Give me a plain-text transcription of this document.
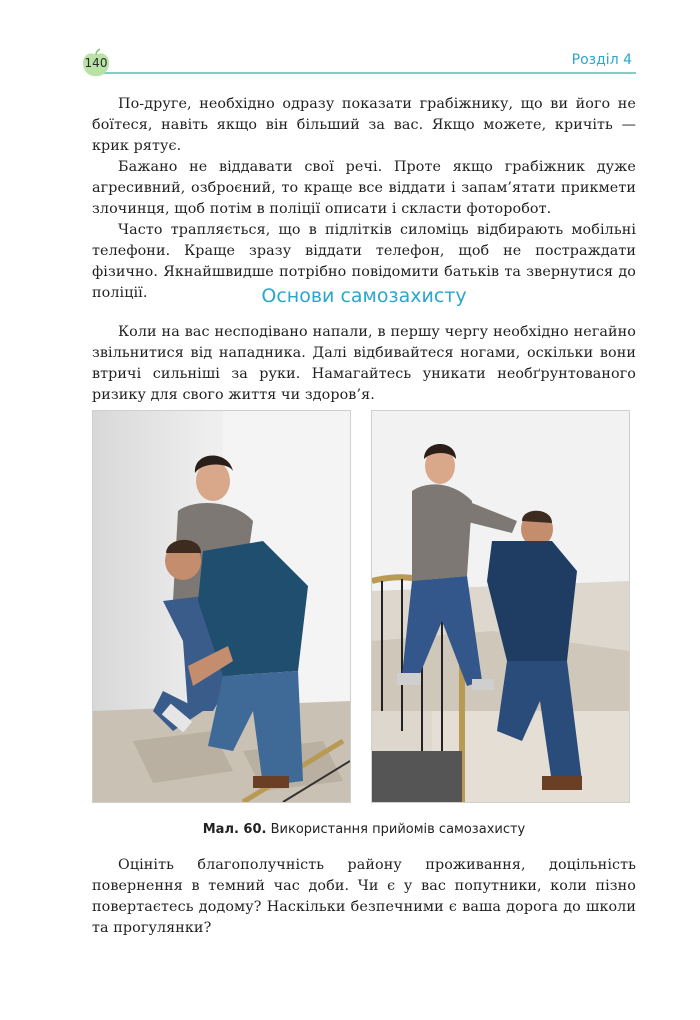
140	Розділ 4

По-друге, необхідно одразу показати грабіжнику, що ви його не боїтеся, навіть якщо він більший за вас. Якщо можете, кричіть — крик рятує.

Бажано не віддавати свої речі. Проте якщо грабіжник дуже агресивний, озброєний, то краще все віддати і запам’ятати прикмети злочинця, щоб потім в поліції описати і скласти фоторобот.

Часто трапляється, що в підлітків силоміць відбирають мобільні телефони. Краще зразу віддати телефон, щоб не постраждати фізично. Якнайшвидше потрібно повідомити батьків та звернутися до поліції.	Основи самозахисту

Коли на вас несподівано напали, в першу чергу необхідно негайно звільнитися від нападника. Далі відбивайтеся ногами, оскільки вони втричі сильніші за руки. Намагайтесь уникати необґрунтованого ризику для свого життя чи здоров’я.

Мал. 60. Використання прийомів самозахисту

Оцініть благополучність району проживання, доцільність повернення в темний час доби. Чи є у вас попутники, коли пізно повертаєтесь додому? Наскільки безпечними є ваша дорога до школи та прогулянки?
